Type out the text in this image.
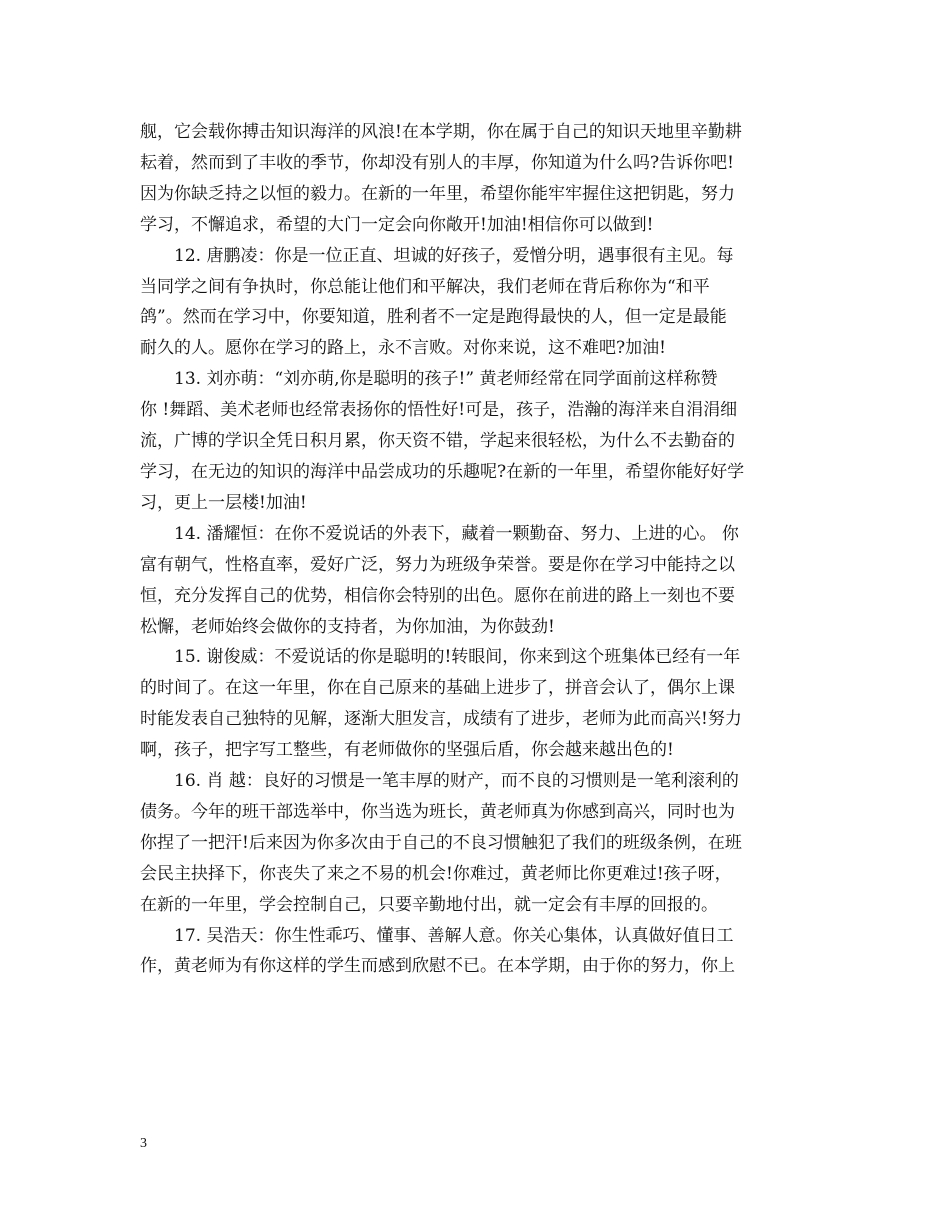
舰，它会载你搏击知识海洋的风浪!在本学期，你在属于自己的知识天地里辛勤耕
耘着，然而到了丰收的季节，你却没有别人的丰厚，你知道为什么吗?告诉你吧!
因为你缺乏持之以恒的毅力。在新的一年里，希望你能牢牢握住这把钥匙，努力
学习，不懈追求，希望的大门一定会向你敞开!加油!相信你可以做到!

　　12. 唐鹏凌：你是一位正直、坦诚的好孩子，爱憎分明，遇事很有主见。每
当同学之间有争执时，你总能让他们和平解决，我们老师在背后称你为“和平
鸽”。然而在学习中，你要知道，胜利者不一定是跑得最快的人，但一定是最能
耐久的人。愿你在学习的路上，永不言败。对你来说，这不难吧?加油!

　　13. 刘亦萌：“刘亦萌,你是聪明的孩子!” 黄老师经常在同学面前这样称赞
你 !舞蹈、美术老师也经常表扬你的悟性好!可是，孩子，浩瀚的海洋来自涓涓细
流，广博的学识全凭日积月累，你天资不错，学起来很轻松，为什么不去勤奋的
学习，在无边的知识的海洋中品尝成功的乐趣呢?在新的一年里，希望你能好好学
习，更上一层楼!加油!

　　14. 潘耀恒：在你不爱说话的外表下，藏着一颗勤奋、努力、上进的心。 你
富有朝气，性格直率，爱好广泛，努力为班级争荣誉。要是你在学习中能持之以
恒，充分发挥自己的优势，相信你会特别的出色。愿你在前进的路上一刻也不要
松懈，老师始终会做你的支持者，为你加油，为你鼓劲!

　　15. 谢俊威：不爱说话的你是聪明的!转眼间，你来到这个班集体已经有一年
的时间了。在这一年里，你在自己原来的基础上进步了，拼音会认了，偶尔上课
时能发表自己独特的见解，逐渐大胆发言，成绩有了进步，老师为此而高兴!努力
啊，孩子，把字写工整些，有老师做你的坚强后盾，你会越来越出色的!

　　16. 肖 越：良好的习惯是一笔丰厚的财产，而不良的习惯则是一笔利滚利的
债务。今年的班干部选举中，你当选为班长，黄老师真为你感到高兴，同时也为
你捏了一把汗!后来因为你多次由于自己的不良习惯触犯了我们的班级条例，在班
会民主抉择下，你丧失了来之不易的机会!你难过，黄老师比你更难过!孩子呀，
在新的一年里，学会控制自己，只要辛勤地付出，就一定会有丰厚的回报的。

　　17. 吴浩天：你生性乖巧、懂事、善解人意。你关心集体，认真做好值日工
作，黄老师为有你这样的学生而感到欣慰不已。在本学期，由于你的努力，你上

3
